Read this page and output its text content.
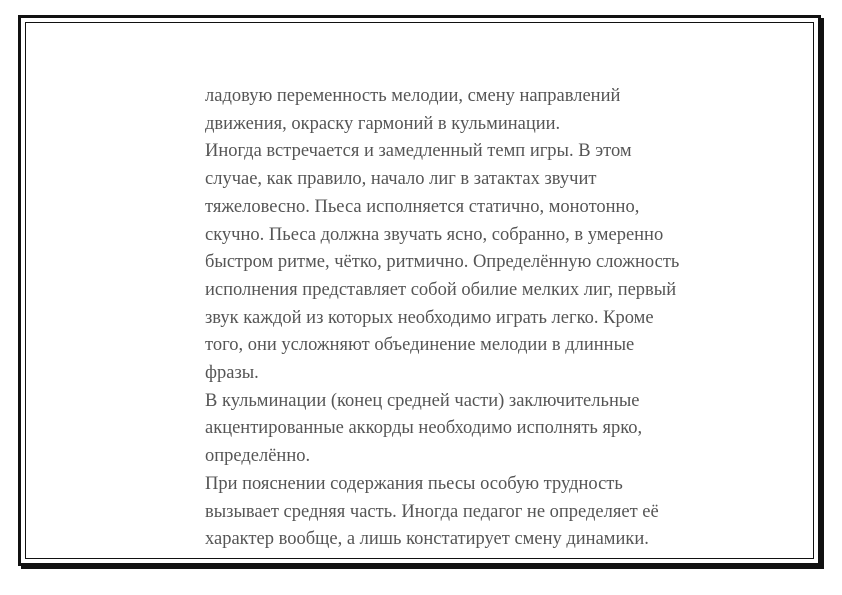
ладовую переменность мелодии, смену направлений
движения, окраску гармоний в кульминации.
Иногда встречается и замедленный темп игры. В этом
случае, как правило, начало лиг в затактах звучит
тяжеловесно. Пьеса исполняется статично, монотонно,
скучно. Пьеса должна звучать ясно, собранно, в умеренно
быстром ритме, чётко, ритмично. Определённую сложность
исполнения представляет собой обилие мелких лиг, первый
звук каждой из которых необходимо играть легко. Кроме
того, они усложняют объединение мелодии в длинные
фразы.
В кульминации (конец средней части) заключительные
акцентированные аккорды необходимо исполнять ярко,
определённо.
При пояснении содержания пьесы особую трудность
вызывает средняя часть. Иногда педагог не определяет её
характер вообще, а лишь констатирует смену динамики.
